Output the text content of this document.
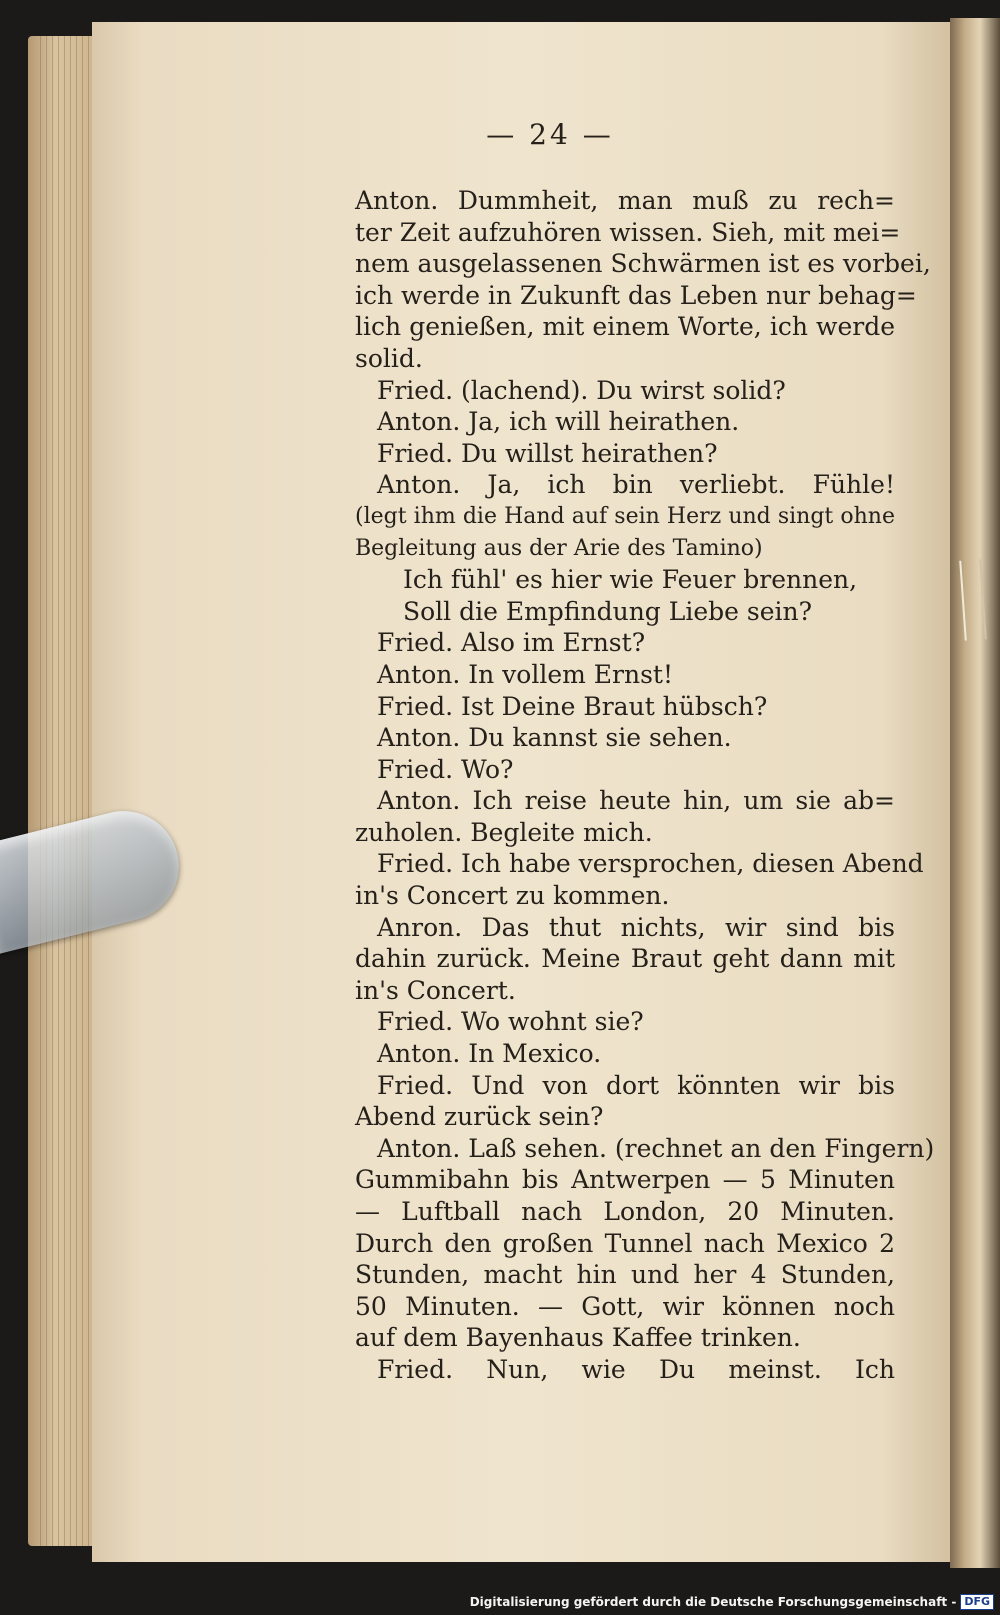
— 24 —
Anton. Dummheit, man muß zu rech=
ter Zeit aufzuhören wissen. Sieh, mit mei=
nem ausgelassenen Schwärmen ist es vorbei,
ich werde in Zukunft das Leben nur behag=
lich genießen, mit einem Worte, ich werde
solid.
Fried. (lachend). Du wirst solid?
Anton. Ja, ich will heirathen.
Fried. Du willst heirathen?
Anton. Ja, ich bin verliebt. Fühle!
(legt ihm die Hand auf sein Herz und singt ohne
Begleitung aus der Arie des Tamino)
Ich fühl' es hier wie Feuer brennen,
Soll die Empfindung Liebe sein?
Fried. Also im Ernst?
Anton. In vollem Ernst!
Fried. Ist Deine Braut hübsch?
Anton. Du kannst sie sehen.
Fried. Wo?
Anton. Ich reise heute hin, um sie ab=
zuholen. Begleite mich.
Fried. Ich habe versprochen, diesen Abend
in's Concert zu kommen.
Anron. Das thut nichts, wir sind bis
dahin zurück. Meine Braut geht dann mit
in's Concert.
Fried. Wo wohnt sie?
Anton. In Mexico.
Fried. Und von dort könnten wir bis
Abend zurück sein?
Anton. Laß sehen. (rechnet an den Fingern)
Gummibahn bis Antwerpen — 5 Minuten
— Luftball nach London, 20 Minuten.
Durch den großen Tunnel nach Mexico 2
Stunden, macht hin und her 4 Stunden,
50 Minuten. — Gott, wir können noch
auf dem Bayenhaus Kaffee trinken.
Fried. Nun, wie Du meinst. Ich
Digitalisierung gefördert durch die Deutsche Forschungsgemeinschaft - DFG
